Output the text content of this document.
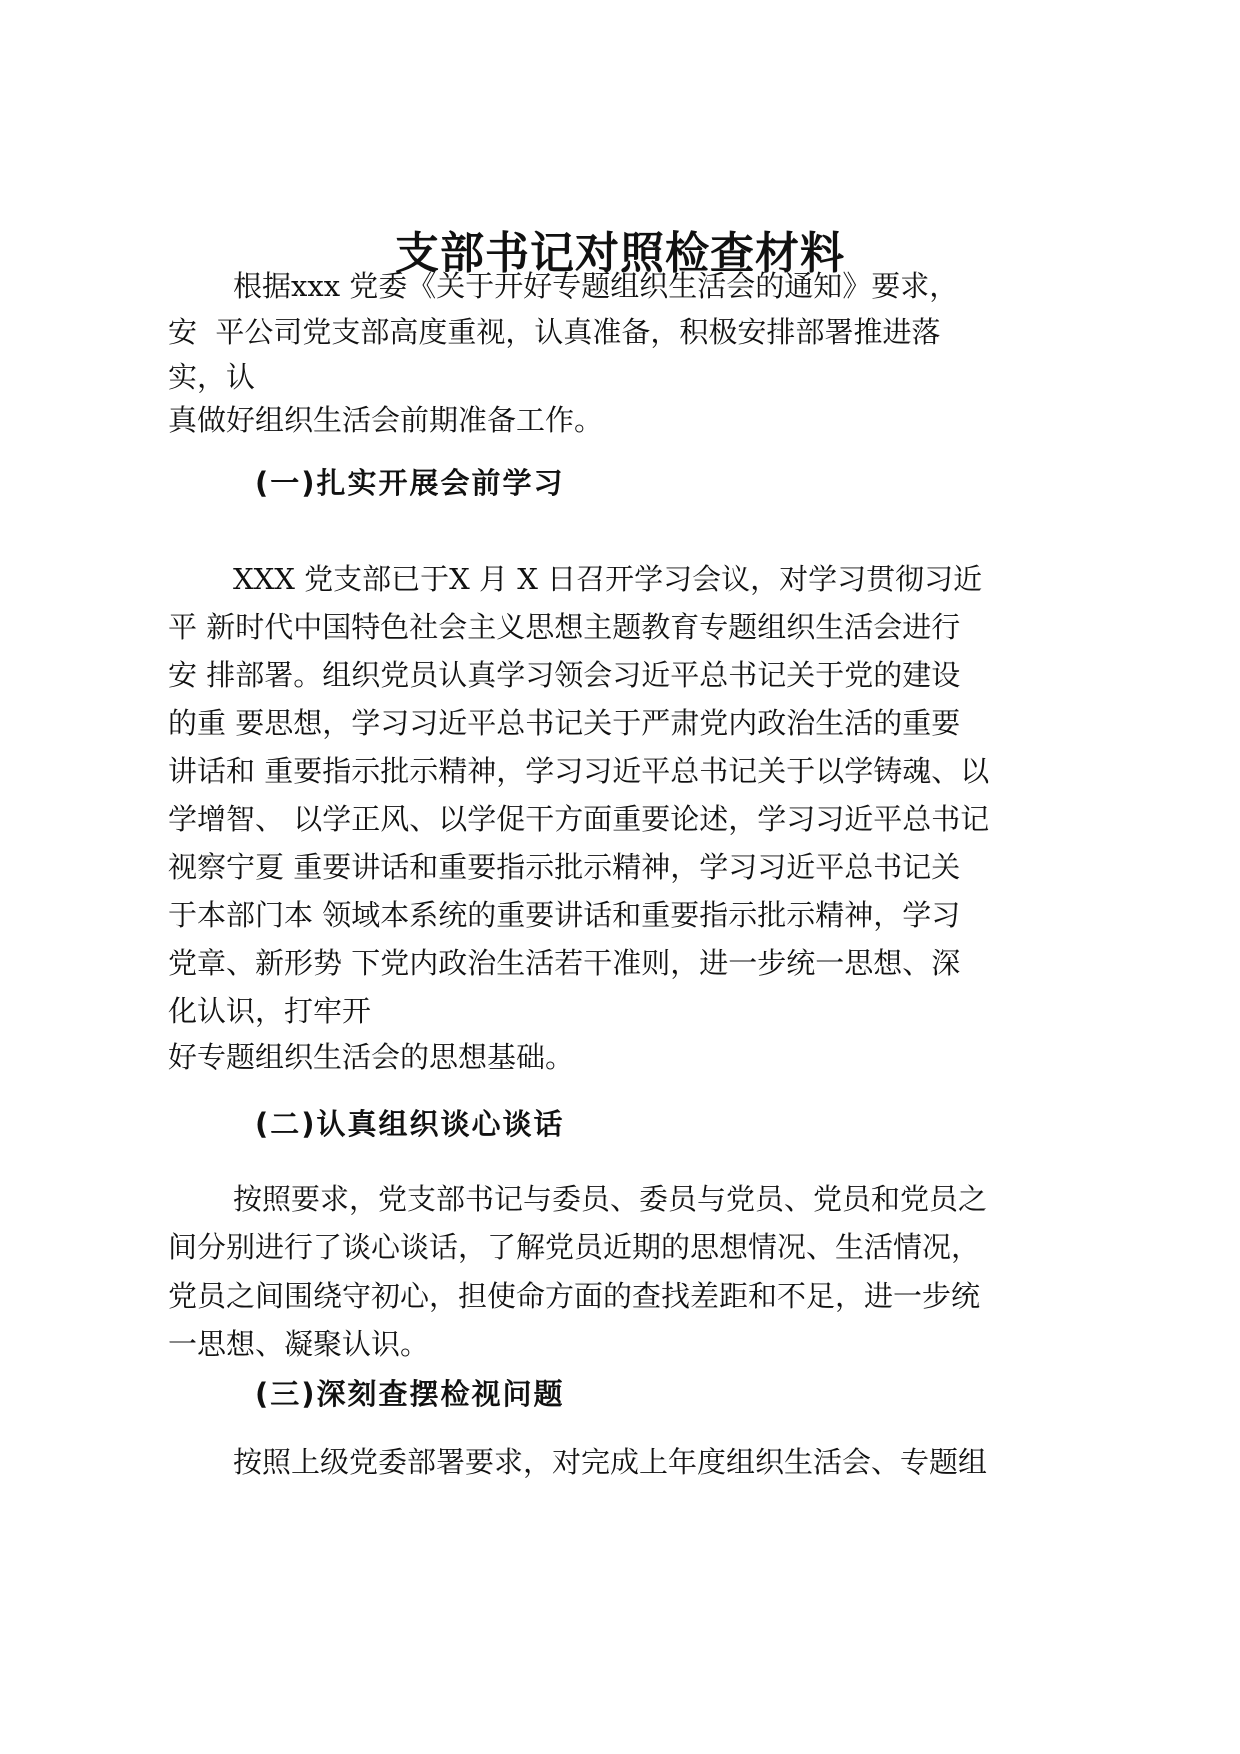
支部书记对照检查材料
根据xxx 党委《关于开好专题组织生活会的通知》要求，
安  平公司党支部高度重视，认真准备，积极安排部署推进落
实，认
真做好组织生活会前期准备工作。
(一)扎实开展会前学习
XXX 党支部已于X 月 X 日召开学习会议，对学习贯彻习近
平 新时代中国特色社会主义思想主题教育专题组织生活会进行
安 排部署。组织党员认真学习领会习近平总书记关于党的建设
的重 要思想，学习习近平总书记关于严肃党内政治生活的重要
讲话和 重要指示批示精神，学习习近平总书记关于以学铸魂、以
学增智、 以学正风、以学促干方面重要论述，学习习近平总书记
视察宁夏 重要讲话和重要指示批示精神，学习习近平总书记关
于本部门本 领域本系统的重要讲话和重要指示批示精神，学习
党章、新形势 下党内政治生活若干准则，进一步统一思想、深
化认识，打牢开
好专题组织生活会的思想基础。
(二)认真组织谈心谈话
按照要求，党支部书记与委员、委员与党员、党员和党员之
间分别进行了谈心谈话，了解党员近期的思想情况、生活情况，
党员之间围绕守初心，担使命方面的查找差距和不足，进一步统
一思想、凝聚认识。
(三)深刻查摆检视问题
按照上级党委部署要求，对完成上年度组织生活会、专题组
